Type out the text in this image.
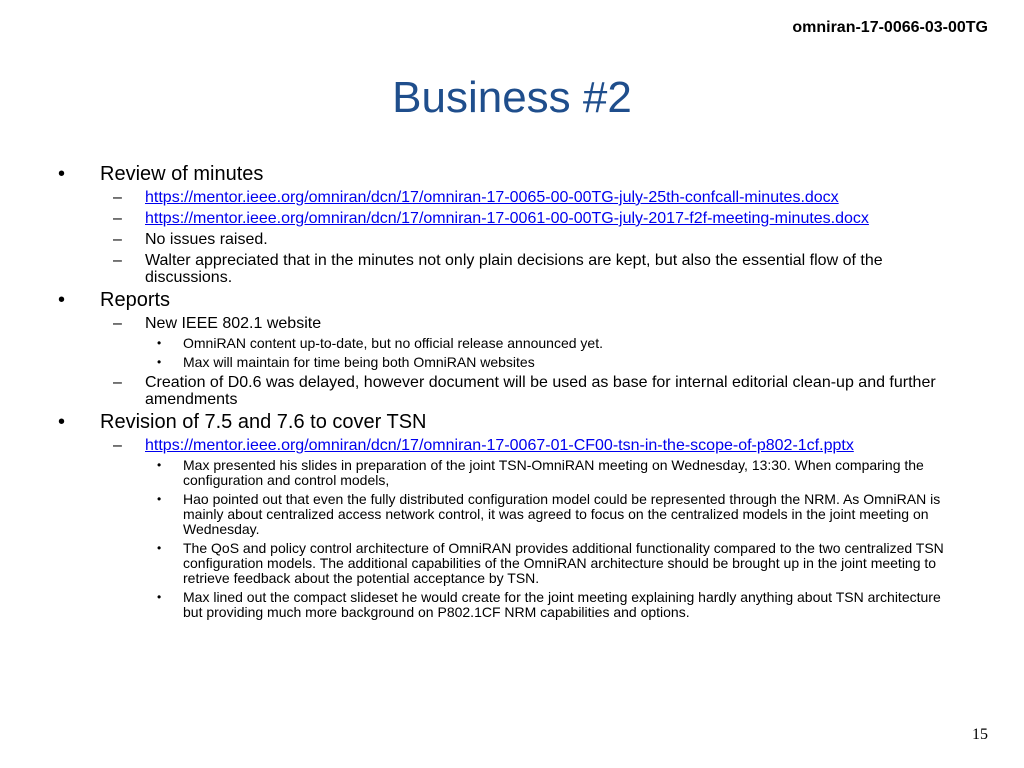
omniran-17-0066-03-00TG
Business #2
• Review of minutes
– https://mentor.ieee.org/omniran/dcn/17/omniran-17-0065-00-00TG-july-25th-confcall-minutes.docx
– https://mentor.ieee.org/omniran/dcn/17/omniran-17-0061-00-00TG-july-2017-f2f-meeting-minutes.docx
– No issues raised.
– Walter appreciated that in the minutes not only plain decisions are kept, but also the essential flow of the discussions.
• Reports
– New IEEE 802.1 website
• OmniRAN content up-to-date, but no official release announced yet.
• Max will maintain for time being both OmniRAN websites
– Creation of D0.6 was delayed, however document will be used as base for internal editorial clean-up and further amendments
• Revision of 7.5 and 7.6 to cover TSN
– https://mentor.ieee.org/omniran/dcn/17/omniran-17-0067-01-CF00-tsn-in-the-scope-of-p802-1cf.pptx
• Max presented his slides in preparation of the joint TSN-OmniRAN meeting on Wednesday, 13:30. When comparing the configuration and control models,
• Hao pointed out that even the fully distributed configuration model could be represented through the NRM. As OmniRAN is mainly about centralized access network control, it was agreed to focus on the centralized models in the joint meeting on Wednesday.
• The QoS and policy control architecture of OmniRAN provides additional functionality compared to the two centralized TSN configuration models. The additional capabilities of the OmniRAN architecture should be brought up in the joint meeting to retrieve feedback about the potential acceptance by TSN.
• Max lined out the compact slideset he would create for the joint meeting explaining hardly anything about TSN architecture but providing much more background on P802.1CF NRM capabilities and options.
15
